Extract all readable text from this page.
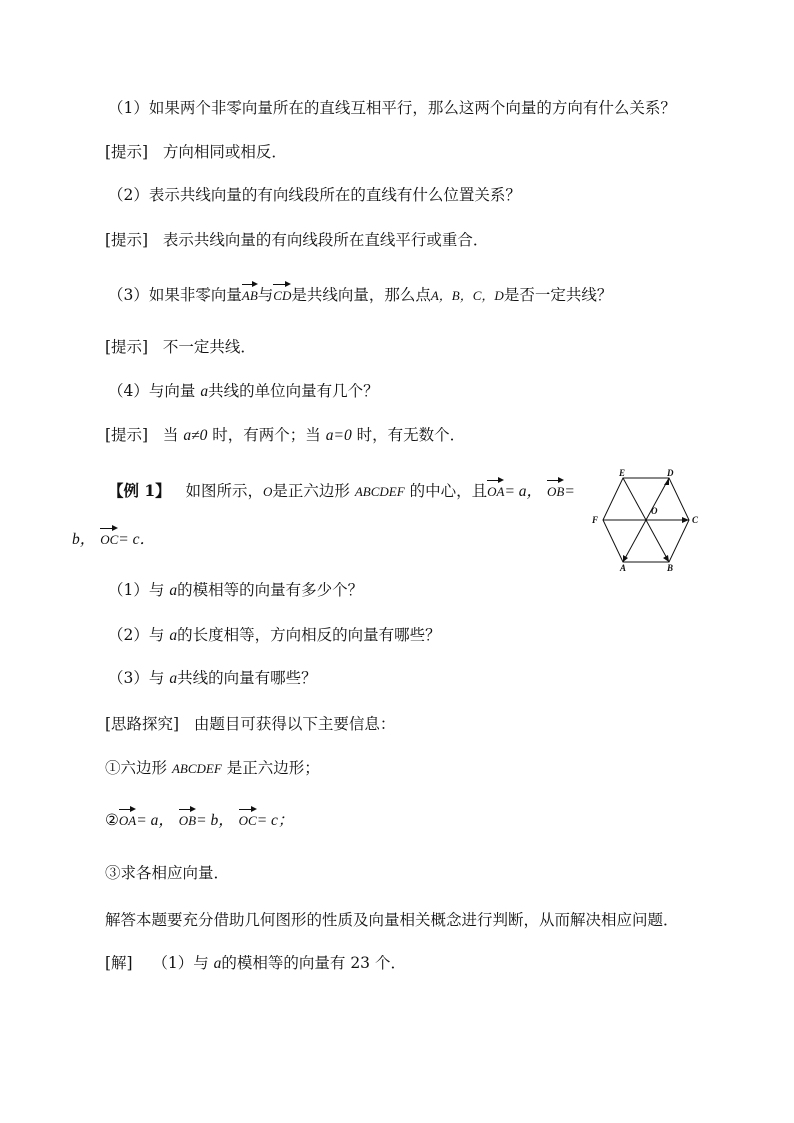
（1）如果两个非零向量所在的直线互相平行，那么这两个向量的方向有什么关系？
[提示] 方向相同或相反．
（2）表示共线向量的有向线段所在的直线有什么位置关系？
[提示] 表示共线向量的有向线段所在直线平行或重合．
（3）如果非零向量AB与CD是共线向量，那么点A，B，C，D是否一定共线？
[提示] 不一定共线．
（4）与向量 a共线的单位向量有几个？
[提示] 当 a≠0 时，有两个；当 a=0 时，有无数个．
【例 1】 如图所示，O是正六边形 ABCDEF 的中心，且OA= a， OB=
b， OC= c．
E	D
F
O
C
A	B
（1）与 a的模相等的向量有多少个？
（2）与 a的长度相等，方向相反的向量有哪些？
（3）与 a共线的向量有哪些？
[思路探究] 由题目可获得以下主要信息：
①六边形 ABCDEF 是正六边形；
②OA= a， OB= b， OC= c；
③求各相应向量．
解答本题要充分借助几何图形的性质及向量相关概念进行判断，从而解决相应问题．
[解] （1）与 a的模相等的向量有 23 个．
